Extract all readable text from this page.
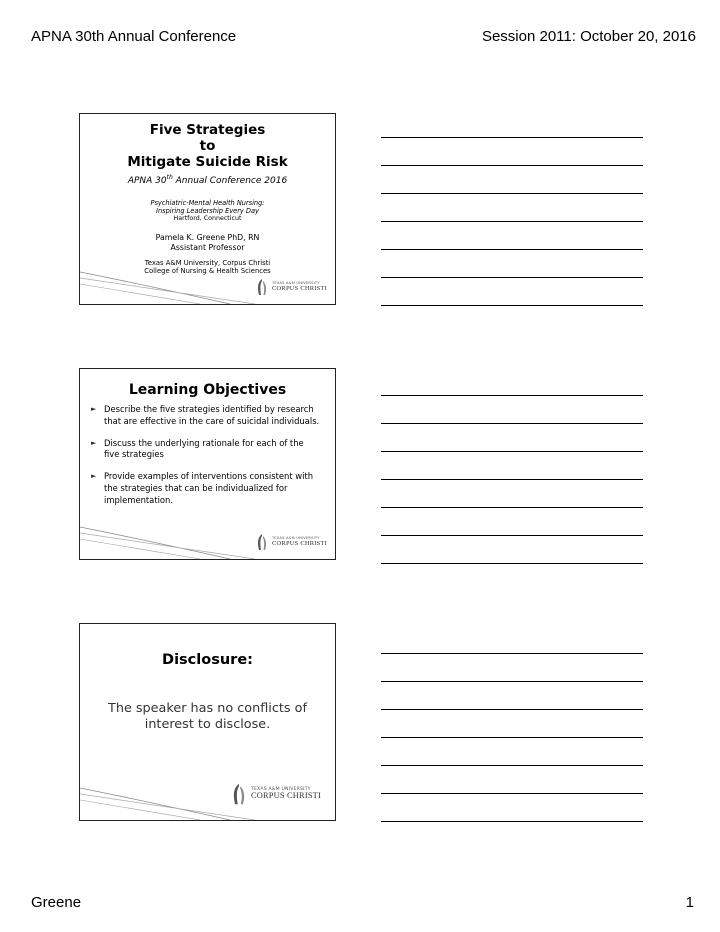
APNA 30th Annual Conference	Session 2011: October 20, 2016
Five Strategies
to
Mitigate Suicide Risk
APNA 30th Annual Conference 2016
Psychiatric-Mental Health Nursing:
Inspiring Leadership Every Day
Hartford, Connecticut
Pamela K. Greene PhD, RN
Assistant Professor
Texas A&M University, Corpus Christi
College of Nursing & Health Sciences
TEXAS A&M UNIVERSITY
CORPUS CHRISTI
Learning Objectives
► Describe the five strategies identified by research that are effective in the care of suicidal individuals.
► Discuss the underlying rationale for each of the five strategies
► Provide examples of interventions consistent with the strategies that can be individualized for implementation.
TEXAS A&M UNIVERSITY
CORPUS CHRISTI
Disclosure:
The speaker has no conflicts of
interest to disclose.
TEXAS A&M UNIVERSITY
CORPUS CHRISTI
Greene	1
